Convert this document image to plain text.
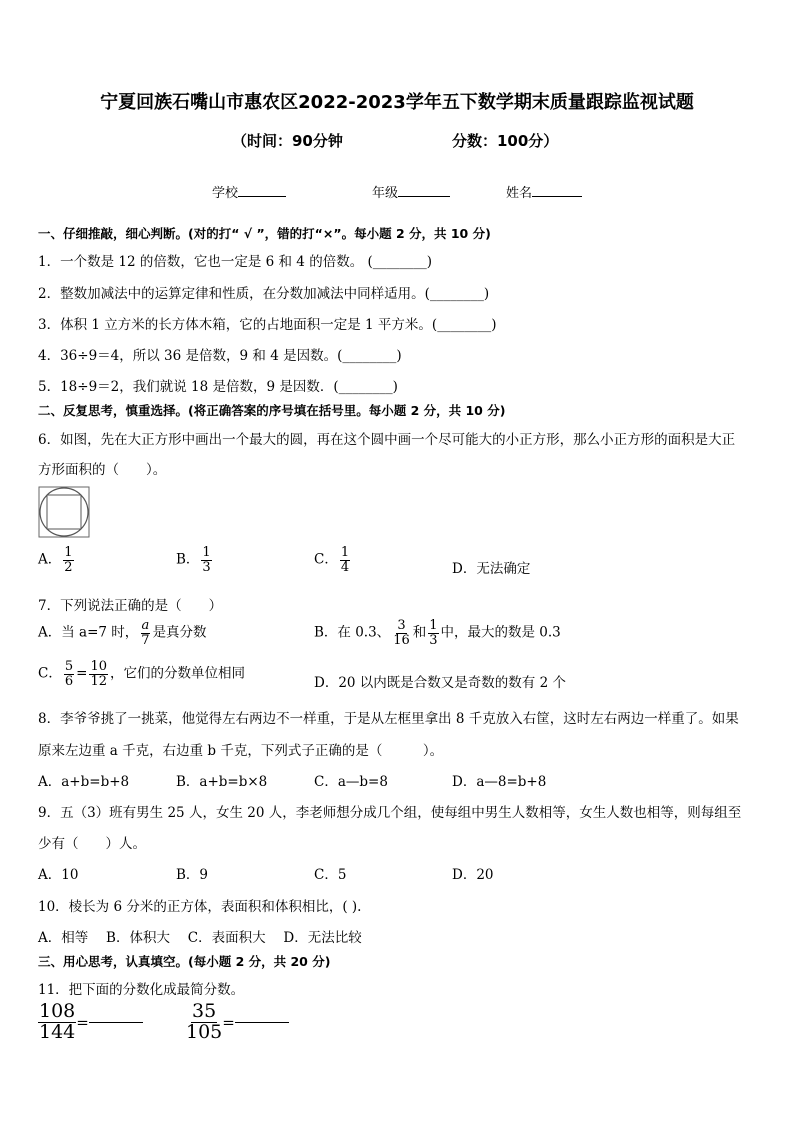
宁夏回族石嘴山市惠农区2022-2023学年五下数学期末质量跟踪监视试题
（时间：90分钟	分数：100分）
学校	年级	姓名
一、仔细推敲，细心判断。(对的打“ √ ”，错的打“×”。每小题 2 分，共 10 分)
1．一个数是 12 的倍数，它也一定是 6 和 4 的倍数。 (________)
2．整数加减法中的运算定律和性质，在分数加减法中同样适用。(________)
3．体积 1 立方米的长方体木箱，它的占地面积一定是 1 平方米。(________)
4．36÷9＝4，所以 36 是倍数，9 和 4 是因数。(________)
5．18÷9＝2，我们就说 18 是倍数，9 是因数．(________)
二、反复思考，慎重选择。(将正确答案的序号填在括号里。每小题 2 分，共 10 分)
6．如图，先在大正方形中画出一个最大的圆，再在这个圆中画一个尽可能大的小正方形，那么小正方形的面积是大正
方形面积的（　　）。
A． $\frac{1}{2}$	B． $\frac{1}{3}$	C． $\frac{1}{4}$	D．无法确定
7．下列说法正确的是（　　）
A．当 a=7 时， $\frac{a}{7}$ 是真分数	B．在 0.3、 $\frac{3}{16}$ 和 $\frac{1}{3}$ 中，最大的数是 0.3
C． $\frac{5}{6} = \frac{10}{12}$ ，它们的分数单位相同
D．20 以内既是合数又是奇数的数有 2 个
8．李爷爷挑了一挑菜，他觉得左右两边不一样重，于是从左框里拿出 8 千克放入右筐，这时左右两边一样重了。如果
原来左边重 a 千克，右边重 b 千克，下列式子正确的是（　　　）。
A．a+b=b+8	B．a+b=b×8	C．a—b=8	D．a—8=b+8
9．五（3）班有男生 25 人，女生 20 人，李老师想分成几个组，使每组中男生人数相等，女生人数也相等，则每组至
少有（　　）人。
A．10	B．9	C．5	D．20
10．棱长为 6 分米的正方体，表面积和体积相比，( ).
A．相等　 B．体积大　 C．表面积大　 D．无法比较
三、用心思考，认真填空。(每小题 2 分，共 20 分)
11．把下面的分数化成最简分数。
$\frac{108}{144}$ =	$\frac{35}{105}$ =
